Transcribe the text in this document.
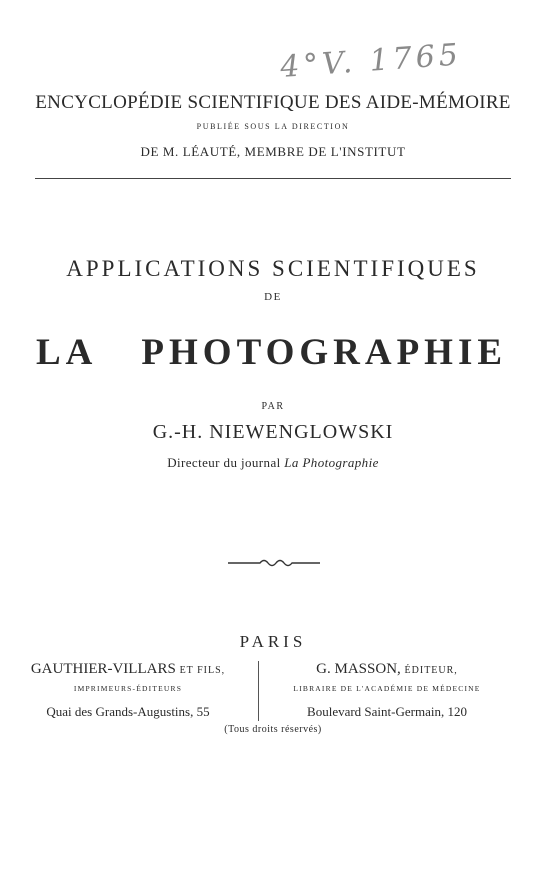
4°V. 1765
ENCYCLOPÉDIE SCIENTIFIQUE DES AIDE-MÉMOIRE
PUBLIÉE SOUS LA DIRECTION
DE M. LÉAUTÉ, MEMBRE DE L'INSTITUT
APPLICATIONS SCIENTIFIQUES
DE
LA PHOTOGRAPHIE
PAR
G.-H. NIEWENGLOWSKI
Directeur du journal La Photographie
PARIS
GAUTHIER-VILLARS ET FILS,
IMPRIMEURS-ÉDITEURS
Quai des Grands-Augustins, 55
G. MASSON, ÉDITEUR,
LIBRAIRE DE L'ACADÉMIE DE MÉDECINE
Boulevard Saint-Germain, 120
(Tous droits réservés)
